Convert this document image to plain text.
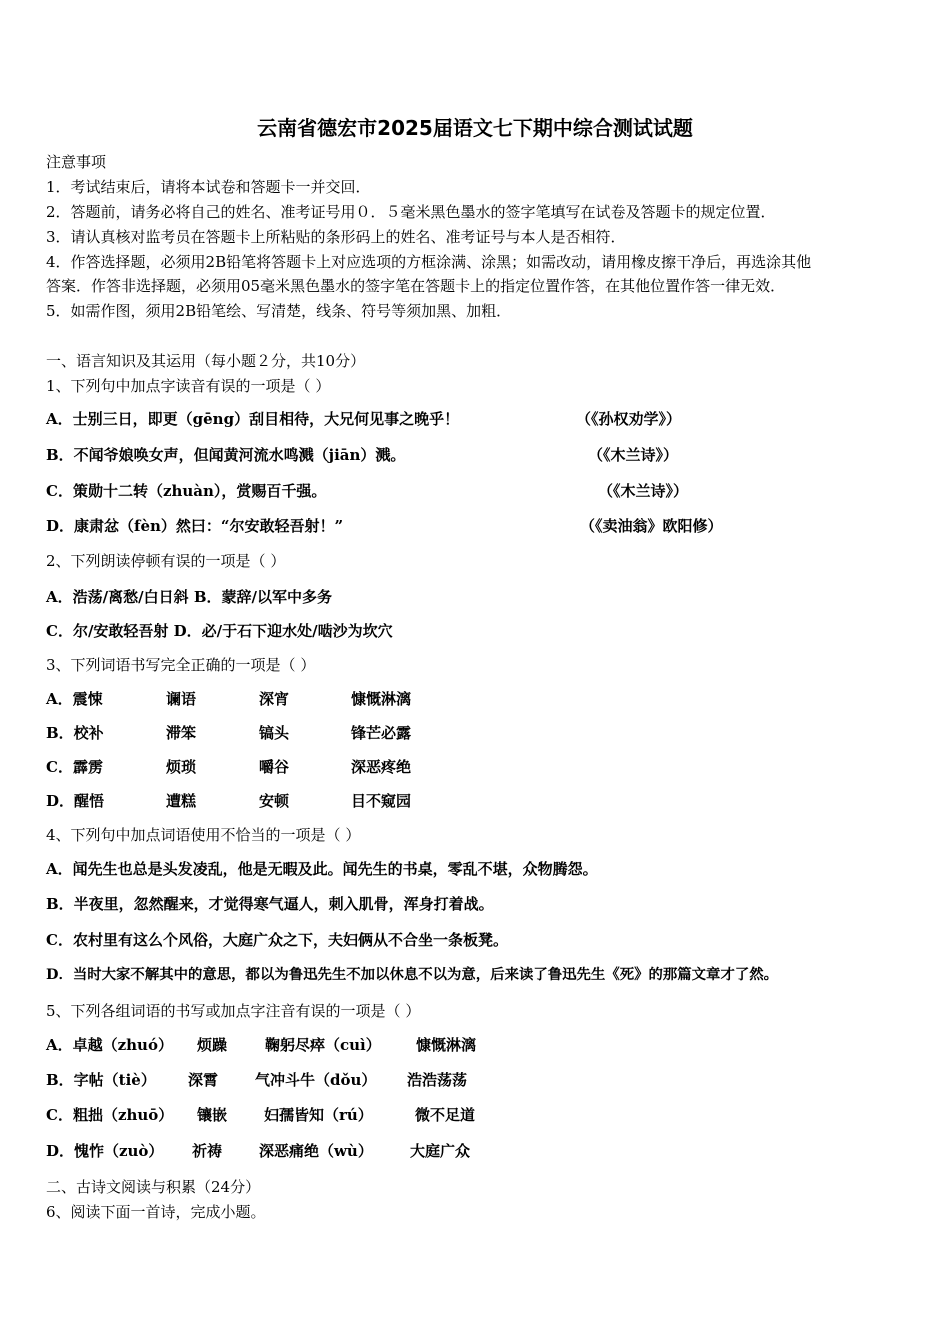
云南省德宏市2025届语文七下期中综合测试试题
注意事项
1．考试结束后，请将本试卷和答题卡一并交回．
2．答题前，请务必将自己的姓名、准考证号用０．５毫米黑色墨水的签字笔填写在试卷及答题卡的规定位置．
3．请认真核对监考员在答题卡上所粘贴的条形码上的姓名、准考证号与本人是否相符．
4．作答选择题，必须用2B铅笔将答题卡上对应选项的方框涂满、涂黑；如需改动，请用橡皮擦干净后，再选涂其他
答案．作答非选择题，必须用05毫米黑色墨水的签字笔在答题卡上的指定位置作答，在其他位置作答一律无效．
5．如需作图，须用2B铅笔绘、写清楚，线条、符号等须加黑、加粗．
一、语言知识及其运用（每小题２分，共10分）
1、下列句中加点字读音有误的一项是（ ）
A．士别三日，即更（gēng）刮目相待，大兄何见事之晚乎！	（《孙权劝学》）
B．不闻爷娘唤女声，但闻黄河流水鸣溅（jiān）溅。	（《木兰诗》）
C．策勋十二转（zhuàn），赏赐百千强。	（《木兰诗》）
D．康肃忿（fèn）然曰：“尔安敢轻吾射！”	（《卖油翁》欧阳修）
2、下列朗读停顿有误的一项是（ ）
A．浩荡/离愁/白日斜 B．蒙辞/以军中多务
C．尔/安敢轻吾射 D．必/于石下迎水处/啮沙为坎穴
3、下列词语书写完全正确的一项是（ ）
A．震悚	谰语	深宵	慷慨淋漓
B．校补	滞笨	镐头	锋芒必露
C．霹雳	烦琐	嚼谷	深恶疼绝
D．醒悟	遭糕	安顿	目不窥园
4、下列句中加点词语使用不恰当的一项是（ ）
A．闻先生也总是头发凌乱，他是无暇及此。闻先生的书桌，零乱不堪，众物腾怨。
B．半夜里，忽然醒来，才觉得寒气逼人，刺入肌骨，浑身打着战。
C．农村里有这么个风俗，大庭广众之下，夫妇俩从不合坐一条板凳。
D．当时大家不解其中的意思，都以为鲁迅先生不加以休息不以为意，后来读了鲁迅先生《死》的那篇文章才了然。
5、下列各组词语的书写或加点字注音有误的一项是（ ）
A．卓越（zhuó） 烦躁	鞠躬尽瘁（cuì） 慷慨淋漓
B．字帖（tiè） 深霄 气冲斗牛（dǒu） 浩浩荡荡
C．粗拙（zhuō） 镶嵌 妇孺皆知（rú）	微不足道
D．愧怍（zuò） 祈祷 深恶痛绝（wù） 大庭广众
二、古诗文阅读与积累（24分）
6、阅读下面一首诗，完成小题。
